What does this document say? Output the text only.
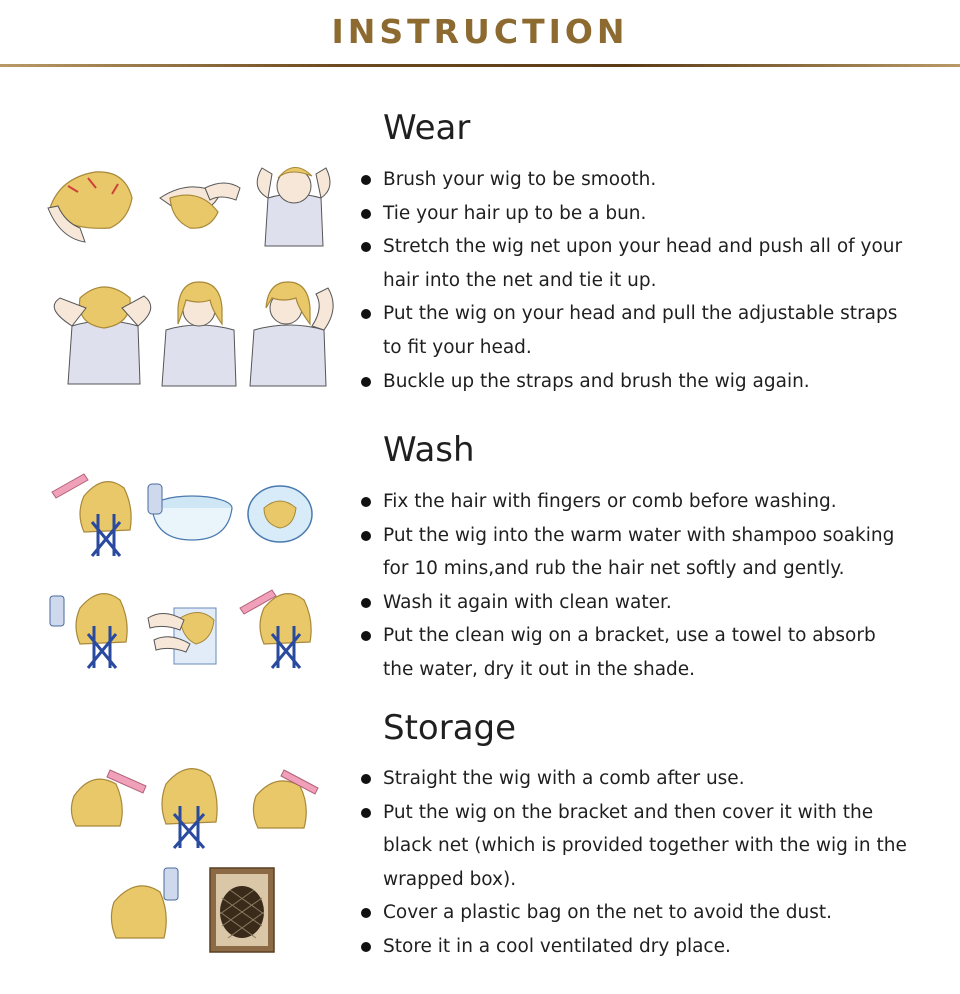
INSTRUCTION
Wear
Brush your wig to be smooth.
Tie your hair up to be a bun.
Stretch the wig net upon your head and push all of your
hair into the net and tie it up.
Put the wig on your head and pull the adjustable straps
to fit your head.
Buckle up the straps and brush the wig again.
Wash
Fix the hair with fingers or comb before washing.
Put the wig into the warm water with shampoo soaking
for 10 mins,and rub the hair net softly and gently.
Wash it again with clean water.
Put the clean wig on a bracket, use a towel to absorb
the water, dry it out in the shade.
Storage
Straight the wig with a comb after use.
Put the wig on the bracket and then cover it with the
black net (which is provided together with the wig in the
wrapped box).
Cover a plastic bag on the net to avoid the dust.
Store it in a cool ventilated dry place.
